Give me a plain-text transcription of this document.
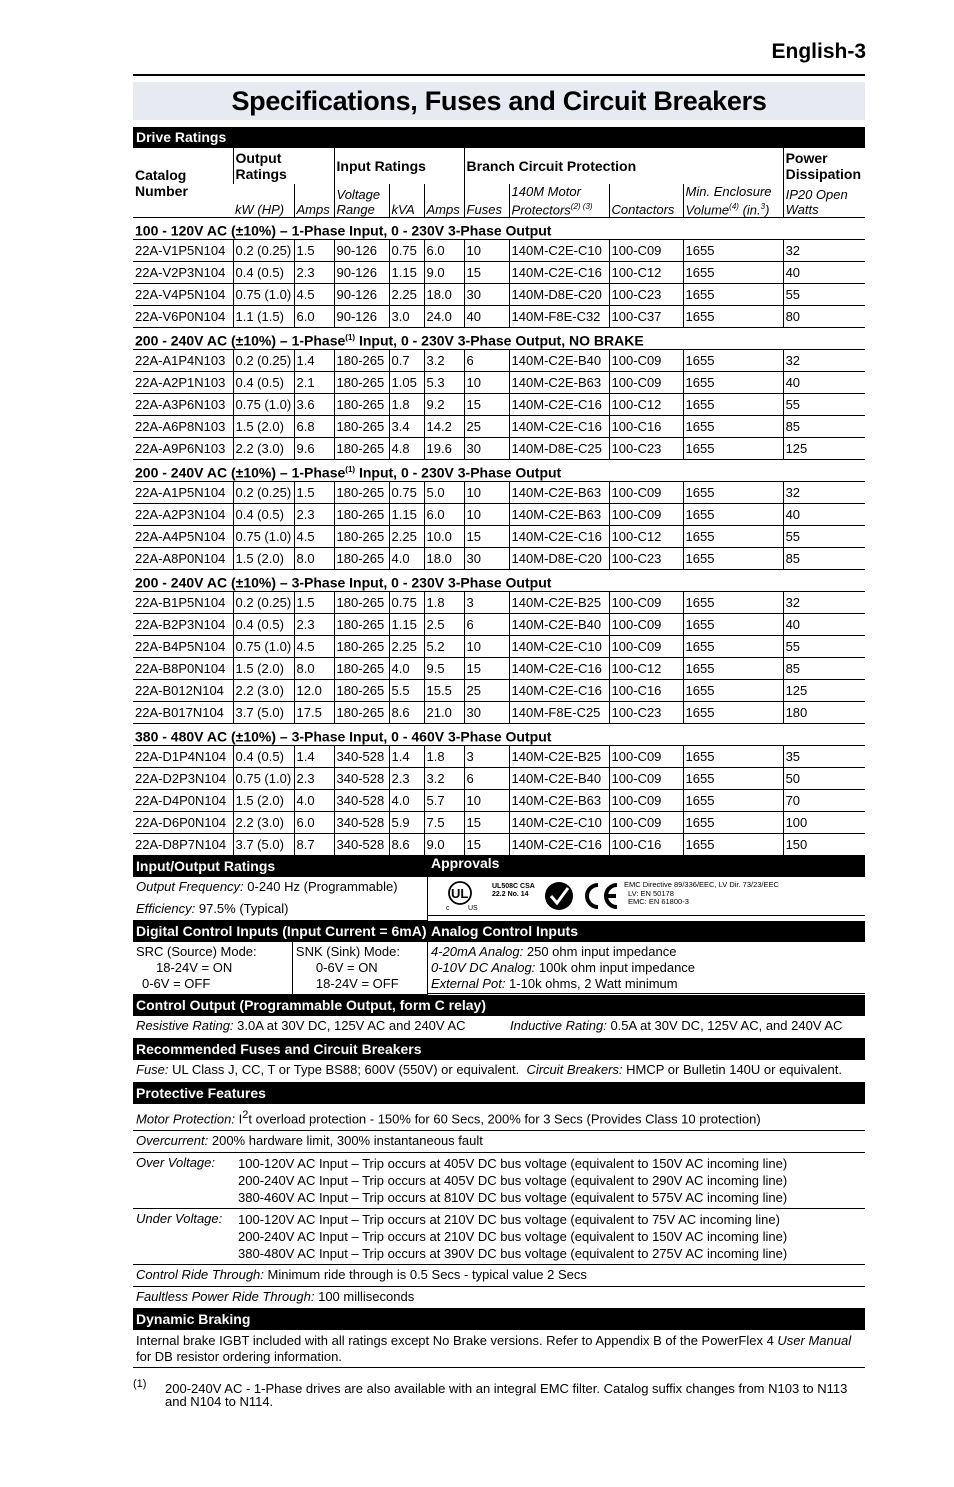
English-3
Specifications, Fuses and Circuit Breakers
Drive Ratings
Catalog Number	Output Ratings		Input Ratings			Branch Circuit Protection				Power Dissipation
	kW (HP)	Amps	Voltage Range	kVA	Amps	Fuses	140M Motor Protectors$^{(2) (3)}$	Contactors	Min. Enclosure Volume$^{(4)}$ (in.$^3$)	IP20 Open Watts
100 - 120V AC (±10%) – 1-Phase Input, 0 - 230V 3-Phase Output										
22A-V1P5N104	0.2 (0.25)	1.5	90-126	0.75	6.0	10	140M-C2E-C10	100-C09	1655	32
22A-V2P3N104	0.4 (0.5)	2.3	90-126	1.15	9.0	15	140M-C2E-C16	100-C12	1655	40
22A-V4P5N104	0.75 (1.0)	4.5	90-126	2.25	18.0	30	140M-D8E-C20	100-C23	1655	55
22A-V6P0N104	1.1 (1.5)	6.0	90-126	3.0	24.0	40	140M-F8E-C32	100-C37	1655	80
200 - 240V AC (±10%) – 1-Phase$^{(1)}$ Input, 0 - 230V 3-Phase Output, NO BRAKE										
22A-A1P4N103	0.2 (0.25)	1.4	180-265	0.7	3.2	6	140M-C2E-B40	100-C09	1655	32
22A-A2P1N103	0.4 (0.5)	2.1	180-265	1.05	5.3	10	140M-C2E-B63	100-C09	1655	40
22A-A3P6N103	0.75 (1.0)	3.6	180-265	1.8	9.2	15	140M-C2E-C16	100-C12	1655	55
22A-A6P8N103	1.5 (2.0)	6.8	180-265	3.4	14.2	25	140M-C2E-C16	100-C16	1655	85
22A-A9P6N103	2.2 (3.0)	9.6	180-265	4.8	19.6	30	140M-D8E-C25	100-C23	1655	125
200 - 240V AC (±10%) – 1-Phase$^{(1)}$ Input, 0 - 230V 3-Phase Output										
22A-A1P5N104	0.2 (0.25)	1.5	180-265	0.75	5.0	10	140M-C2E-B63	100-C09	1655	32
22A-A2P3N104	0.4 (0.5)	2.3	180-265	1.15	6.0	10	140M-C2E-B63	100-C09	1655	40
22A-A4P5N104	0.75 (1.0)	4.5	180-265	2.25	10.0	15	140M-C2E-C16	100-C12	1655	55
22A-A8P0N104	1.5 (2.0)	8.0	180-265	4.0	18.0	30	140M-D8E-C20	100-C23	1655	85
200 - 240V AC (±10%) – 3-Phase Input, 0 - 230V 3-Phase Output										
22A-B1P5N104	0.2 (0.25)	1.5	180-265	0.75	1.8	3	140M-C2E-B25	100-C09	1655	32
22A-B2P3N104	0.4 (0.5)	2.3	180-265	1.15	2.5	6	140M-C2E-B40	100-C09	1655	40
22A-B4P5N104	0.75 (1.0)	4.5	180-265	2.25	5.2	10	140M-C2E-C10	100-C09	1655	55
22A-B8P0N104	1.5 (2.0)	8.0	180-265	4.0	9.5	15	140M-C2E-C16	100-C12	1655	85
22A-B012N104	2.2 (3.0)	12.0	180-265	5.5	15.5	25	140M-C2E-C16	100-C16	1655	125
22A-B017N104	3.7 (5.0)	17.5	180-265	8.6	21.0	30	140M-F8E-C25	100-C23	1655	180
380 - 480V AC (±10%) – 3-Phase Input, 0 - 460V 3-Phase Output										
22A-D1P4N104	0.4 (0.5)	1.4	340-528	1.4	1.8	3	140M-C2E-B25	100-C09	1655	35
22A-D2P3N104	0.75 (1.0)	2.3	340-528	2.3	3.2	6	140M-C2E-B40	100-C09	1655	50
22A-D4P0N104	1.5 (2.0)	4.0	340-528	4.0	5.7	10	140M-C2E-B63	100-C09	1655	70
22A-D6P0N104	2.2 (3.0)	6.0	340-528	5.9	7.5	15	140M-C2E-C10	100-C09	1655	100
22A-D8P7N104	3.7 (5.0)	8.7	340-528	8.6	9.0	15	140M-C2E-C16	100-C16	1655	150
Input/Output Ratings
Output Frequency: 0-240 Hz (Programmable)
Efficiency: 97.5% (Typical)
Approvals
UL
c	US
UL508C CSA 22.2 No. 14
EMC Directive 89/336/EEC, LV Dir. 73/23/EEC
LV: EN 50178
EMC: EN 61800-3
Digital Control Inputs (Input Current = 6mA)
SRC (Source) Mode:
18-24V = ON
0-6V = OFF
SNK (Sink) Mode:
0-6V = ON
18-24V = OFF
Analog Control Inputs
4-20mA Analog: 250 ohm input impedance
0-10V DC Analog: 100k ohm input impedance
External Pot: 1-10k ohms, 2 Watt minimum
Control Output (Programmable Output, form C relay)
Resistive Rating: 3.0A at 30V DC, 125V AC and 240V AC	Inductive Rating: 0.5A at 30V DC, 125V AC, and 240V AC
Recommended Fuses and Circuit Breakers
Fuse: UL Class J, CC, T or Type BS88; 600V (550V) or equivalent. Circuit Breakers: HMCP or Bulletin 140U or equivalent.
Protective Features
Motor Protection: $I^2t$ overload protection - 150% for 60 Secs, 200% for 3 Secs (Provides Class 10 protection)
Overcurrent: 200% hardware limit, 300% instantaneous fault
Over Voltage:	100-120V AC Input – Trip occurs at 405V DC bus voltage (equivalent to 150V AC incoming line)
200-240V AC Input – Trip occurs at 405V DC bus voltage (equivalent to 290V AC incoming line)
380-460V AC Input – Trip occurs at 810V DC bus voltage (equivalent to 575V AC incoming line)
Under Voltage:	100-120V AC Input – Trip occurs at 210V DC bus voltage (equivalent to 75V AC incoming line)
200-240V AC Input – Trip occurs at 210V DC bus voltage (equivalent to 150V AC incoming line)
380-480V AC Input – Trip occurs at 390V DC bus voltage (equivalent to 275V AC incoming line)
Control Ride Through: Minimum ride through is 0.5 Secs - typical value 2 Secs
Faultless Power Ride Through: 100 milliseconds
Dynamic Braking
Internal brake IGBT included with all ratings except No Brake versions. Refer to Appendix B of the PowerFlex 4 User Manual for DB resistor ordering information.
(1)	200-240V AC - 1-Phase drives are also available with an integral EMC filter. Catalog suffix changes from N103 to N113 and N104 to N114.
